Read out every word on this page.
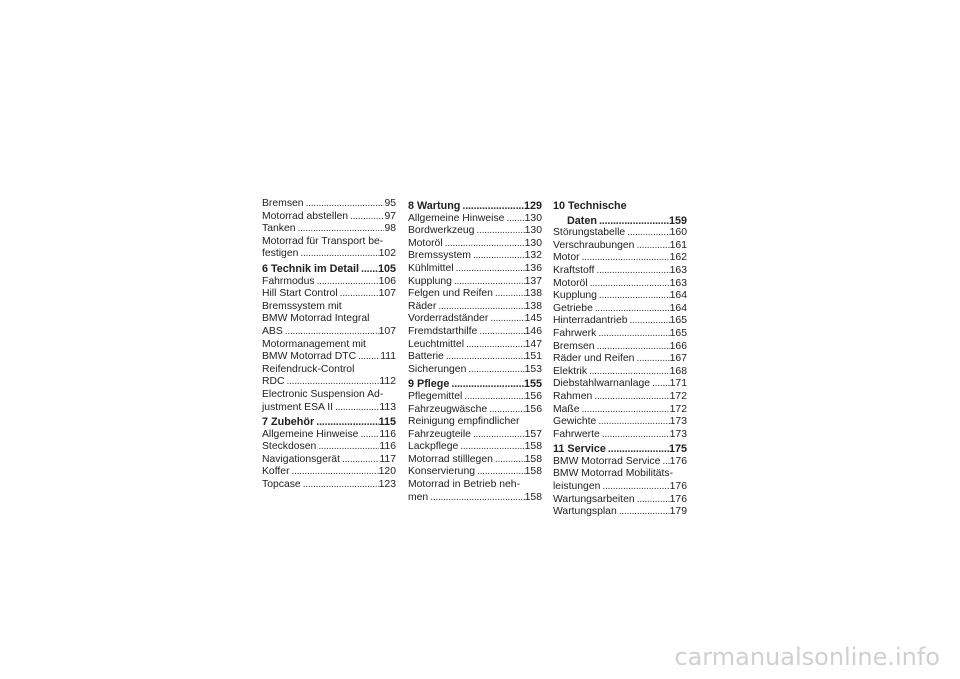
Bremsen . . .	95
Motorrad abstellen . . .	97
Tanken . . .	98
Motorrad für Transport be-
festigen . . .	102
6 Technik im Detail . . . 105
Fahrmodus . . .	106
Hill Start Control . . .	107
Bremssystem mit
BMW Motorrad Integral
ABS . . .	107
Motormanagement mit
BMW Motorrad DTC . . . 111
Reifendruck-Control
RDC . . .	112
Electronic Suspension Ad-
justment ESA II . . .	113
7 Zubehör . . .	115
Allgemeine Hinweise . . . 116
Steckdosen . . .	116
Navigationsgerät . . .	117
Koffer . . .	120
Topcase . . .	123
8 Wartung . . .	129
Allgemeine Hinweise . . . 130
Bordwerkzeug . . .	130
Motoröl . . .	130
Bremssystem . . .	132
Kühlmittel . . .	136
Kupplung . . .	137
Felgen und Reifen . . .	138
Räder . . .	138
Vorderradständer . . .	145
Fremdstarthilfe . . .	146
Leuchtmittel . . .	147
Batterie . . .	151
Sicherungen . . .	153
9 Pflege . . .	155
Pflegemittel . . .	156
Fahrzeugwäsche . . .	156
Reinigung empfindlicher
Fahrzeugteile . . .	157
Lackpflege . . .	158
Motorrad stilllegen . . .	158
Konservierung . . .	158
Motorrad in Betrieb neh-
men . . .	158
10 Technische
Daten . . .	159
Störungstabelle . . .	160
Verschraubungen . . .	161
Motor . . .	162
Kraftstoff . . .	163
Motoröl . . .	163
Kupplung . . .	164
Getriebe . . .	164
Hinterradantrieb . . .	165
Fahrwerk . . .	165
Bremsen . . .	166
Räder und Reifen . . .	167
Elektrik . . .	168
Diebstahlwarnanlage . . . 171
Rahmen . . .	172
Maße . . .	172
Gewichte . . .	173
Fahrwerte . . .	173
11 Service . . .	175
BMW Motorrad Service . . . 176
BMW Motorrad Mobilitäts-
leistungen . . .	176
Wartungsarbeiten . . .	176
Wartungsplan . . .	179
carmanualsonline.info
